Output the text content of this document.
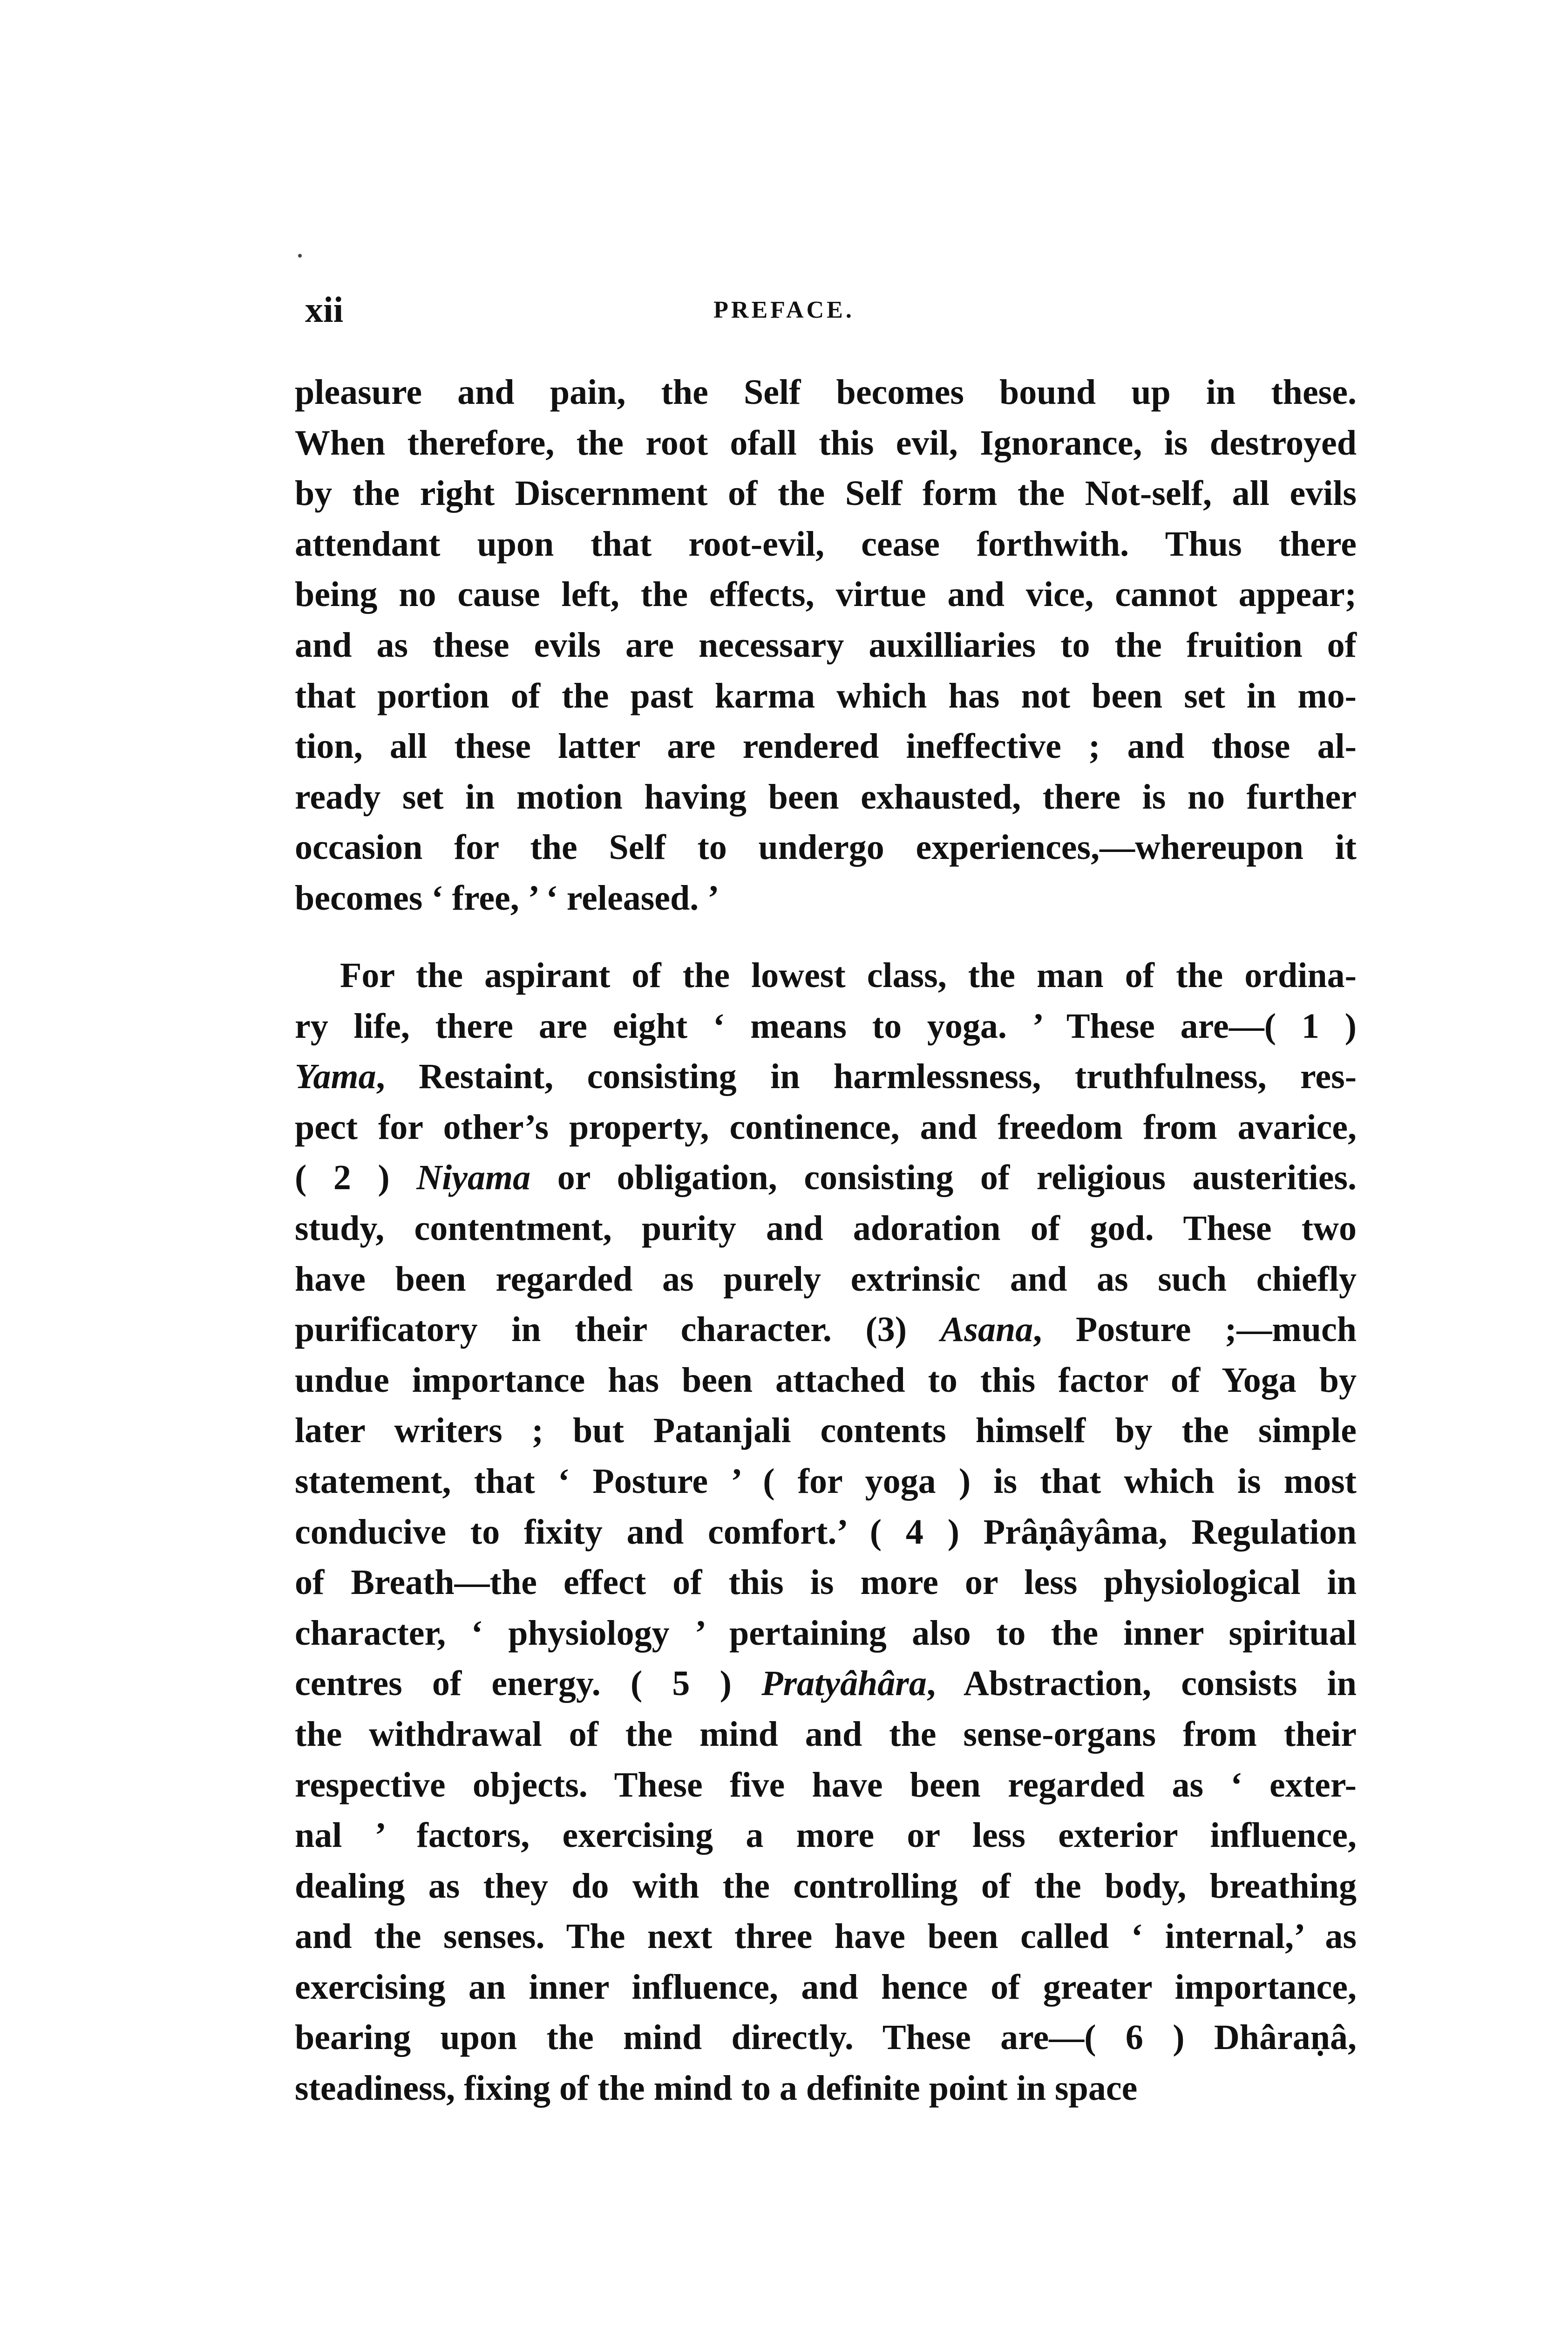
xii	PREFACE.
pleasure and pain, the Self becomes bound up in these.
When therefore, the root ofall this evil, Ignorance, is destroyed
by the right Discernment of the Self form the Not-self, all evils
attendant upon that root-evil, cease forthwith. Thus there
being no cause left, the effects, virtue and vice, cannot appear;
and as these evils are necessary auxilliaries to the fruition of
that portion of the past karma which has not been set in mo-
tion, all these latter are rendered ineffective ; and those al-
ready set in motion having been exhausted, there is no further
occasion for the Self to undergo experiences,—whereupon it
becomes ‘ free, ’ ‘ released. ’
For the aspirant of the lowest class, the man of the ordina-
ry life, there are eight ‘ means to yoga. ’ These are—( 1 )
Yama, Restaint, consisting in harmlessness, truthfulness, res-
pect for other’s property, continence, and freedom from avarice,
( 2 ) Niyama or obligation, consisting of religious austerities.
study, contentment, purity and adoration of god. These two
have been regarded as purely extrinsic and as such chiefly
purificatory in their character. (3) Asana, Posture ;—much
undue importance has been attached to this factor of Yoga by
later writers ; but Patanjali contents himself by the simple
statement, that ‘ Posture ’ ( for yoga ) is that which is most
conducive to fixity and comfort.’ ( 4 ) Prâṇâyâma, Regulation
of Breath—the effect of this is more or less physiological in
character, ‘ physiology ’ pertaining also to the inner spiritual
centres of energy. ( 5 ) Pratyâhâra, Abstraction, consists in
the withdrawal of the mind and the sense-organs from their
respective objects. These five have been regarded as ‘ exter-
nal ’ factors, exercising a more or less exterior influence,
dealing as they do with the controlling of the body, breathing
and the senses. The next three have been called ‘ internal,’ as
exercising an inner influence, and hence of greater importance,
bearing upon the mind directly. These are—( 6 ) Dhâraṇâ,
steadiness, fixing of the mind to a definite point in space
